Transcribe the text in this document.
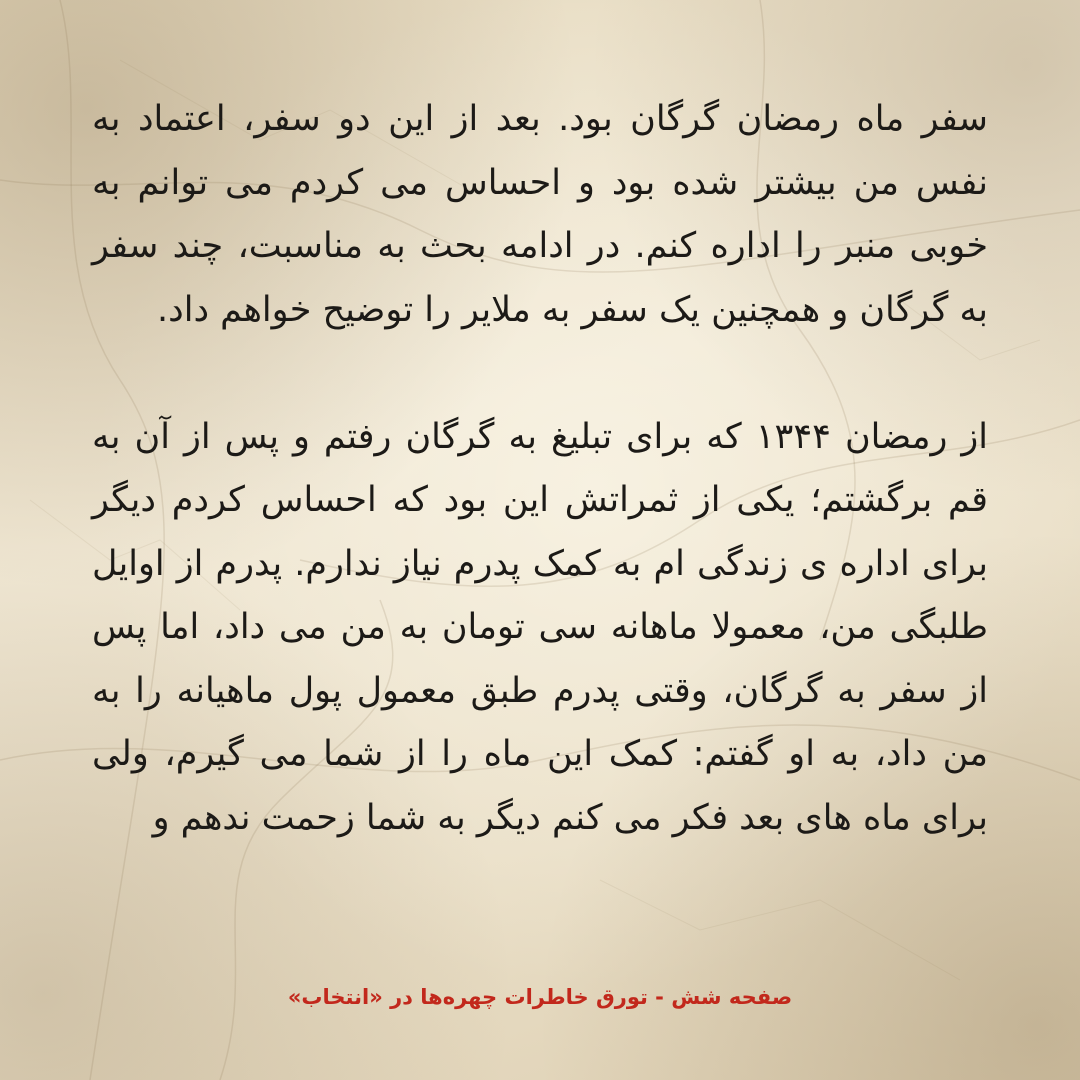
سفر ماه رمضان گرگان بود. بعد از این دو سفر، اعتماد به نفس من بیشتر شده بود و احساس می کردم می توانم به خوبی منبر را اداره کنم. در ادامه بحث به مناسبت، چند سفر به گرگان و همچنین یک سفر به ملایر را توضیح خواهم داد.

از رمضان ۱۳۴۴ که برای تبلیغ به گرگان رفتم و پس از آن به قم برگشتم؛ یکی از ثمراتش این بود که احساس کردم دیگر برای اداره ی زندگی ام به کمک پدرم نیاز ندارم. پدرم از اوایل طلبگی من، معمولا ماهانه سی تومان به من می داد، اما پس از سفر به گرگان، وقتی پدرم طبق معمول پول ماهیانه را به من داد، به او گفتم: کمک این ماه را از شما می گیرم، ولی برای ماه های بعد فکر می کنم دیگر به شما زحمت ندهم و

صفحه شش - تورق خاطرات چهره‌ها در «انتخاب»
